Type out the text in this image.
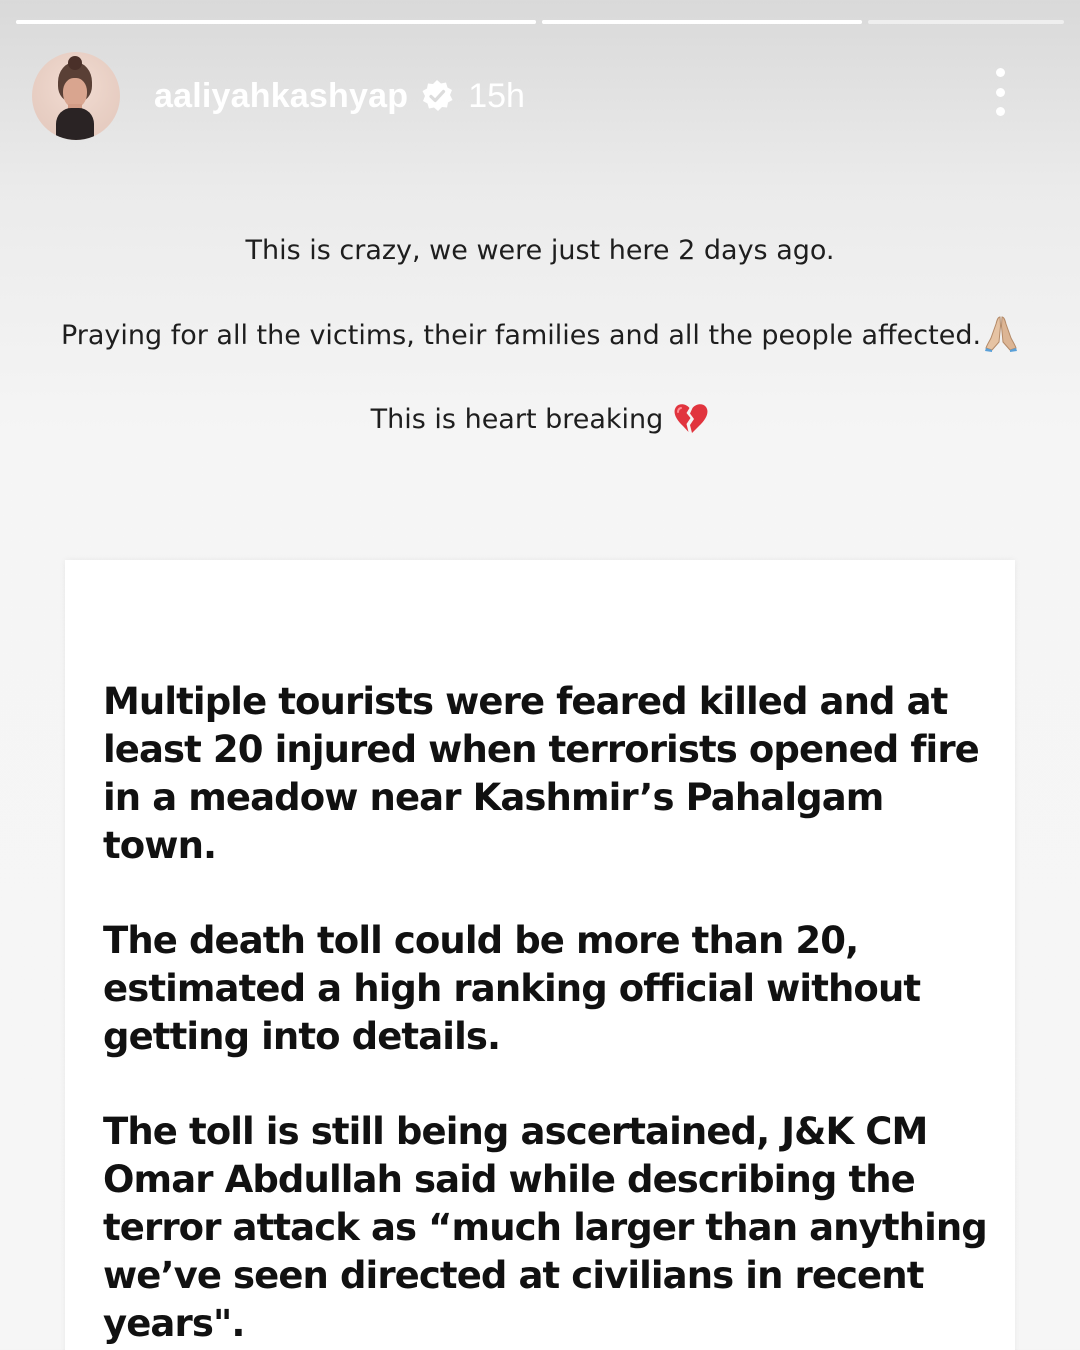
aaliyahkashyap 15h

This is crazy, we were just here 2 days ago.

Praying for all the victims, their families and all the people affected.

This is heart breaking

Multiple tourists were feared killed and at least 20 injured when terrorists opened fire in a meadow near Kashmir’s Pahalgam town.

The death toll could be more than 20, estimated a high ranking official without getting into details.

The toll is still being ascertained, J&K CM Omar Abdullah said while describing the terror attack as “much larger than anything we’ve seen directed at civilians in recent years".
